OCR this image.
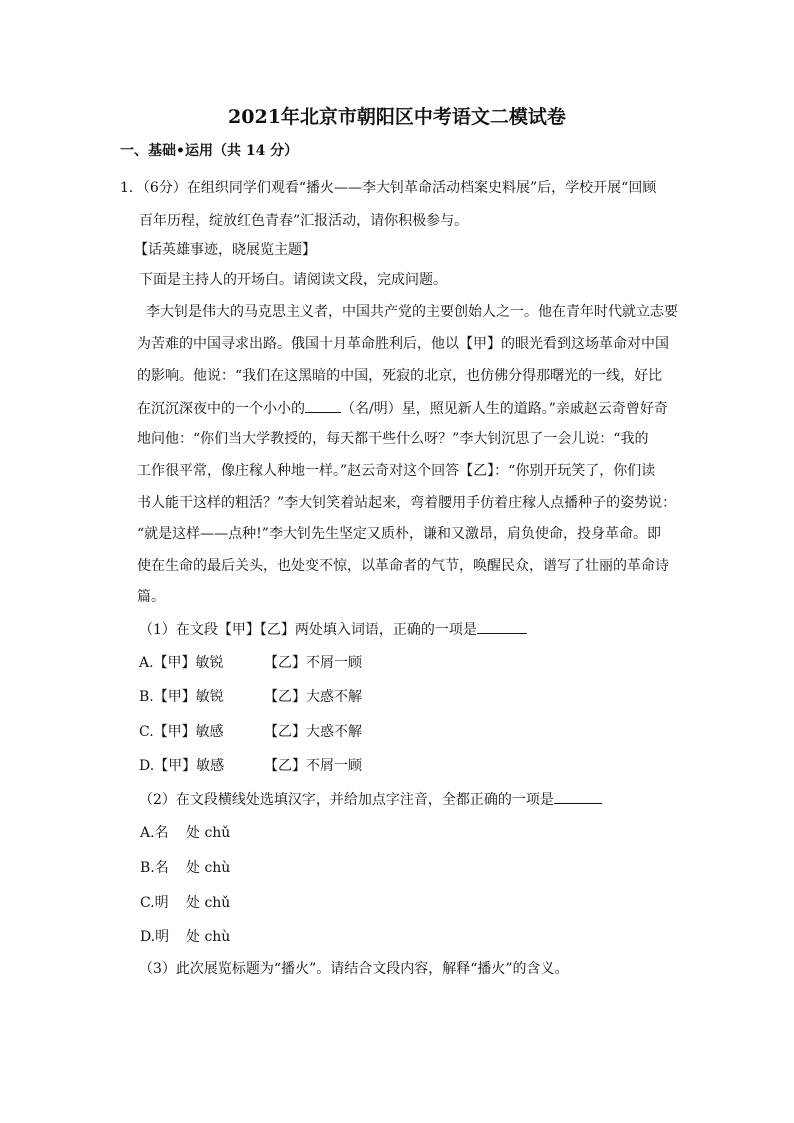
2021年北京市朝阳区中考语文二模试卷
一、基础•运用（共 14 分）
1．（6分）在组织同学们观看“播火——李大钊革命活动档案史料展”后，学校开展“回顾
百年历程，绽放红色青春”汇报活动，请你积极参与。
【话英雄事迹，晓展览主题】
下面是主持人的开场白。请阅读文段，完成问题。
李大钊是伟大的马克思主义者，中国共产党的主要创始人之一。他在青年时代就立志要
为苦难的中国寻求出路。俄国十月革命胜利后，他以【甲】的眼光看到这场革命对中国
的影响。他说：“我们在这黑暗的中国，死寂的北京，也仿佛分得那曙光的一线，好比
在沉沉深夜中的一个小小的	（名/明）星，照见新人生的道路。”亲戚赵云奇曾好奇
地问他：“你们当大学教授的，每天都干些什么呀？”李大钊沉思了一会儿说：“我的
工作很平常，像庄稼人种地一样。”赵云奇对这个回答【乙】：“你别开玩笑了，你们读
书人能干这样的粗活？”李大钊笑着站起来，弯着腰用手仿着庄稼人点播种子的姿势说：
“就是这样——点种!”李大钊先生坚定又质朴，谦和又激昂，肩负使命，投身革命。即
使在生命的最后关头，也处变不惊，以革命者的气节，唤醒民众，谱写了壮丽的革命诗
篇。
（1）在文段【甲】【乙】两处填入词语，正确的一项是
A.【甲】敏锐	【乙】不屑一顾
B.【甲】敏锐	【乙】大惑不解
C.【甲】敏感	【乙】大惑不解
D.【甲】敏感	【乙】不屑一顾
（2）在文段横线处选填汉字，并给加点字注音，全都正确的一项是
A.名 处 chǔ
B.名 处 chù
C.明 处 chǔ
D.明 处 chù
（3）此次展览标题为“播火”。请结合文段内容，解释“播火”的含义。
